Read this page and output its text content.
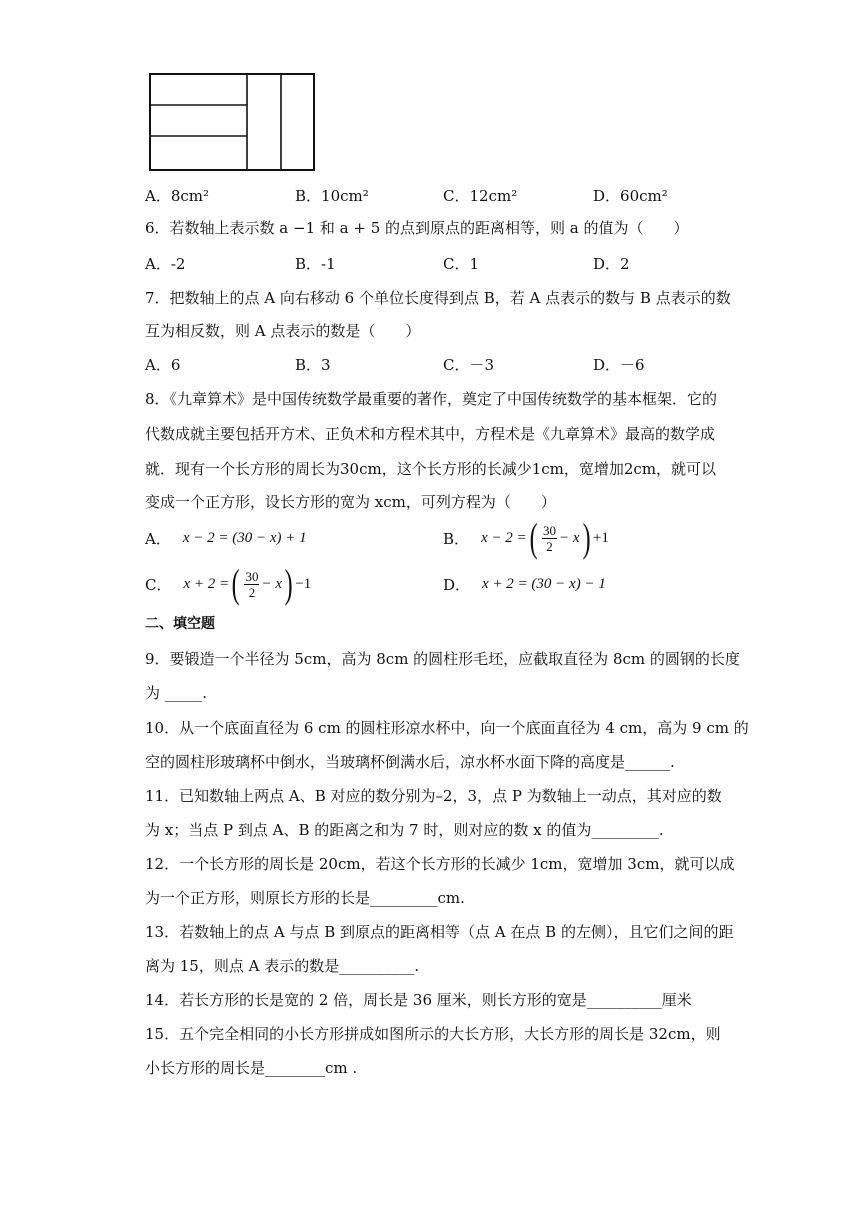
A．8cm²	B．10cm²	C．12cm²	D．60cm²
6．若数轴上表示数 a −1 和 a + 5 的点到原点的距离相等，则 a 的值为（　　）
A．-2	B．-1	C．1	D．2
7．把数轴上的点 A 向右移动 6 个单位长度得到点 B，若 A 点表示的数与 B 点表示的数
互为相反数，则 A 点表示的数是（　　）
A．6	B．3	C．－3	D．－6
8．《九章算术》是中国传统数学最重要的著作，奠定了中国传统数学的基本框架．它的
代数成就主要包括开方术、正负术和方程术其中，方程术是《九章算术》最高的数学成
就．现有一个长方形的周长为30cm，这个长方形的长减少1cm，宽增加2cm，就可以
变成一个正方形，设长方形的宽为 xcm，可列方程为（　　）
A． x − 2 = (30 − x) + 1	B． x − 2 = ( $\frac{30}{2} - x$ ) +1
C． x + 2 = ( $\frac{30}{2} - x$ ) −1	D． x + 2 = (30 − x) − 1
二、填空题
9．要锻造一个半径为 5cm，高为 8cm 的圆柱形毛坯，应截取直径为 8cm 的圆钢的长度
为 _____.
10．从一个底面直径为 6 cm 的圆柱形凉水杯中，向一个底面直径为 4 cm，高为 9 cm 的
空的圆柱形玻璃杯中倒水，当玻璃杯倒满水后，凉水杯水面下降的高度是______.
11．已知数轴上两点 A、B 对应的数分别为–2，3，点 P 为数轴上一动点，其对应的数
为 x；当点 P 到点 A、B 的距离之和为 7 时，则对应的数 x 的值为_________.
12．一个长方形的周长是 20cm，若这个长方形的长减少 1cm，宽增加 3cm，就可以成
为一个正方形，则原长方形的长是_________cm.
13．若数轴上的点 A 与点 B 到原点的距离相等（点 A 在点 B 的左侧），且它们之间的距
离为 15，则点 A 表示的数是__________.
14．若长方形的长是宽的 2 倍，周长是 36 厘米，则长方形的宽是__________厘米
15．五个完全相同的小长方形拼成如图所示的大长方形，大长方形的周长是 32cm，则
小长方形的周长是________cm .
